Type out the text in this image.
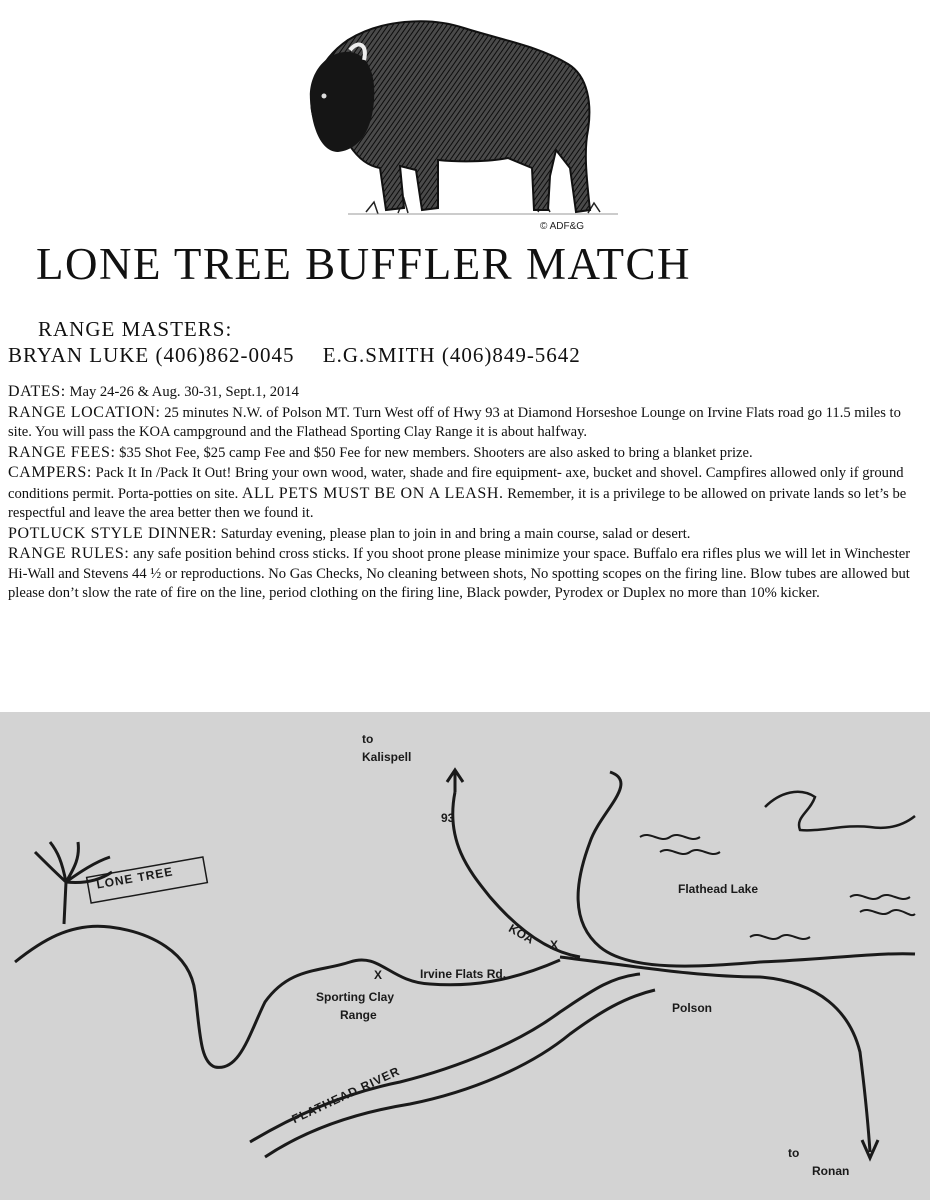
© ADF&G
LONE TREE BUFFLER MATCH
RANGE MASTERS:
BRYAN LUKE (406)862-0045 E.G.SMITH (406)849-5642

DATES: May 24-26 & Aug. 30-31, Sept.1, 2014

RANGE LOCATION: 25 minutes N.W. of Polson MT. Turn West off of Hwy 93 at Diamond Horseshoe Lounge on Irvine Flats road go 11.5 miles to site. You will pass the KOA campground and the Flathead Sporting Clay Range it is about halfway.

RANGE FEES: $35 Shot Fee, $25 camp Fee and $50 Fee for new members. Shooters are also asked to bring a blanket prize.

CAMPERS: Pack It In /Pack It Out! Bring your own wood, water, shade and fire equipment- axe, bucket and shovel. Campfires allowed only if ground conditions permit. Porta-potties on site. ALL PETS MUST BE ON A LEASH. Remember, it is a privilege to be allowed on private lands so let’s be respectful and leave the area better then we found it.

POTLUCK STYLE DINNER: Saturday evening, please plan to join in and bring a main course, salad or desert.

RANGE RULES: any safe position behind cross sticks. If you shoot prone please minimize your space. Buffalo era rifles plus we will let in Winchester Hi-Wall and Stevens 44 ½ or reproductions. No Gas Checks, No cleaning between shots, No spotting scopes on the firing line. Blow tubes are allowed but please don’t slow the rate of fire on the line, period clothing on the firing line, Black powder, Pyrodex or Duplex no more than 10% kicker.

to
Kalispell
93
LONE TREE	Flathead Lake
KOA X
Irvine Flats Rd.
X
Sporting Clay
Range	Polson
FLATHEAD RIVER
to
Ronan
